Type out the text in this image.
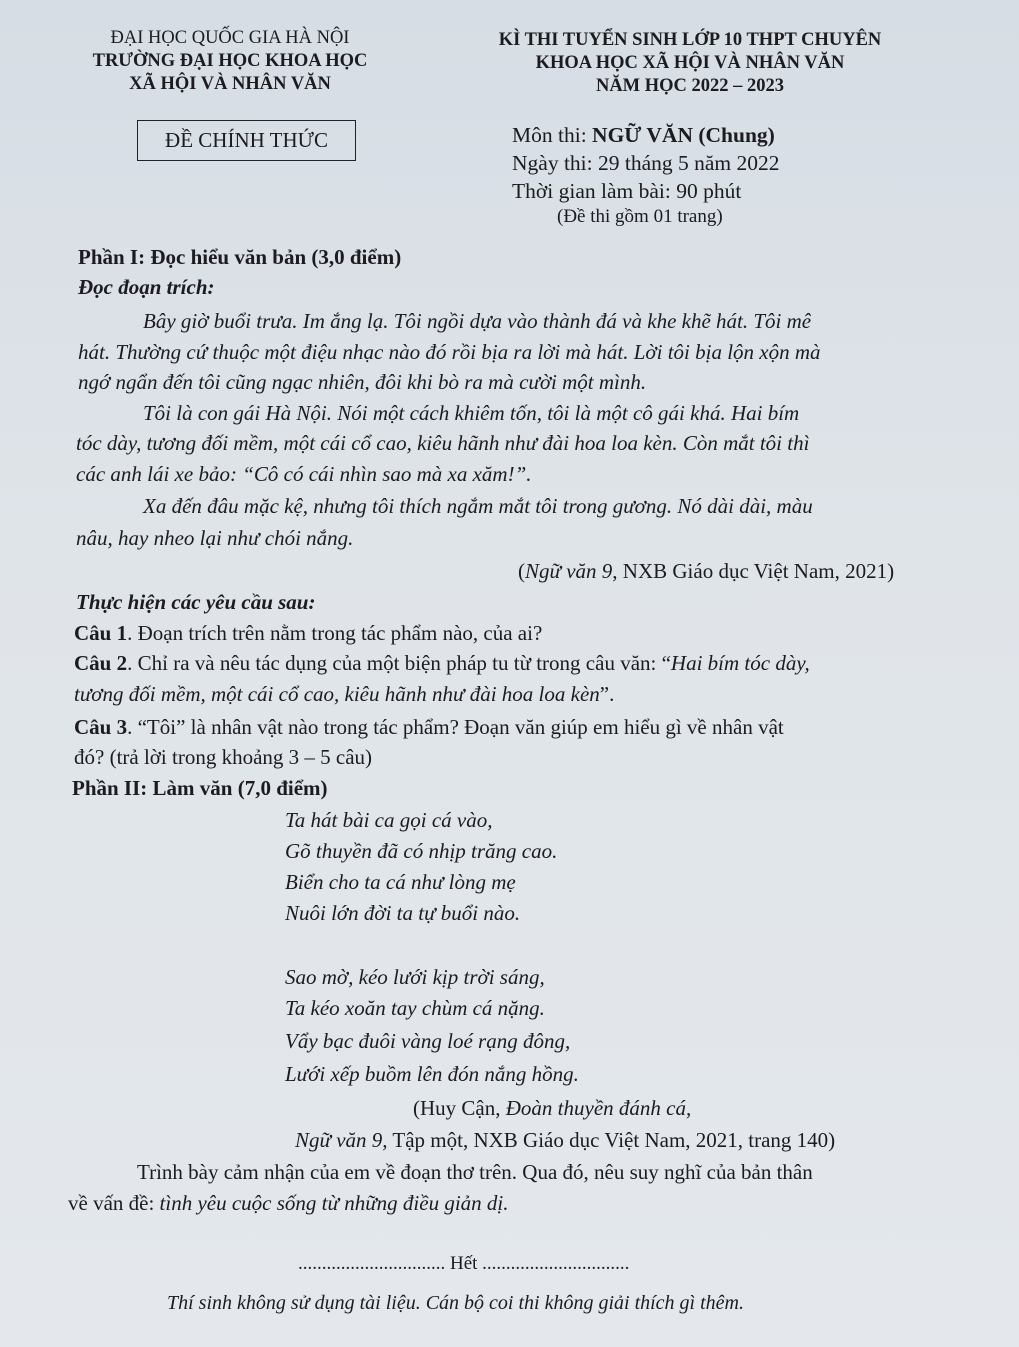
ĐẠI HỌC QUỐC GIA HÀ NỘI
TRƯỜNG ĐẠI HỌC KHOA HỌC
XÃ HỘI VÀ NHÂN VĂN
KÌ THI TUYỂN SINH LỚP 10 THPT CHUYÊN
KHOA HỌC XÃ HỘI VÀ NHÂN VĂN
NĂM HỌC 2022 – 2023
ĐỀ CHÍNH THỨC	Môn thi: NGỮ VĂN (Chung)
Ngày thi: 29 tháng 5 năm 2022
Thời gian làm bài: 90 phút
(Đề thi gồm 01 trang)
Phần I: Đọc hiểu văn bản (3,0 điểm)
Đọc đoạn trích:
Bây giờ buổi trưa. Im ắng lạ. Tôi ngồi dựa vào thành đá và khe khẽ hát. Tôi mê
hát. Thường cứ thuộc một điệu nhạc nào đó rồi bịa ra lời mà hát. Lời tôi bịa lộn xộn mà
ngớ ngẩn đến tôi cũng ngạc nhiên, đôi khi bò ra mà cười một mình.
Tôi là con gái Hà Nội. Nói một cách khiêm tốn, tôi là một cô gái khá. Hai bím
tóc dày, tương đối mềm, một cái cổ cao, kiêu hãnh như đài hoa loa kèn. Còn mắt tôi thì
các anh lái xe bảo: “Cô có cái nhìn sao mà xa xăm!”.
Xa đến đâu mặc kệ, nhưng tôi thích ngắm mắt tôi trong gương. Nó dài dài, màu
nâu, hay nheo lại như chói nắng.
(Ngữ văn 9, NXB Giáo dục Việt Nam, 2021)
Thực hiện các yêu cầu sau:
Câu 1. Đoạn trích trên nằm trong tác phẩm nào, của ai?
Câu 2. Chỉ ra và nêu tác dụng của một biện pháp tu từ trong câu văn: “Hai bím tóc dày,
tương đối mềm, một cái cổ cao, kiêu hãnh như đài hoa loa kèn”.
Câu 3. “Tôi” là nhân vật nào trong tác phẩm? Đoạn văn giúp em hiểu gì về nhân vật
đó? (trả lời trong khoảng 3 – 5 câu)
Phần II: Làm văn (7,0 điểm)
Ta hát bài ca gọi cá vào,
Gõ thuyền đã có nhịp trăng cao.
Biển cho ta cá như lòng mẹ
Nuôi lớn đời ta tự buổi nào.
Sao mờ, kéo lưới kịp trời sáng,
Ta kéo xoăn tay chùm cá nặng.
Vẩy bạc đuôi vàng loé rạng đông,
Lưới xếp buồm lên đón nắng hồng.
(Huy Cận, Đoàn thuyền đánh cá,
Ngữ văn 9, Tập một, NXB Giáo dục Việt Nam, 2021, trang 140)
Trình bày cảm nhận của em về đoạn thơ trên. Qua đó, nêu suy nghĩ của bản thân
về vấn đề: tình yêu cuộc sống từ những điều giản dị.
............................... Hết ...............................
Thí sinh không sử dụng tài liệu. Cán bộ coi thi không giải thích gì thêm.
